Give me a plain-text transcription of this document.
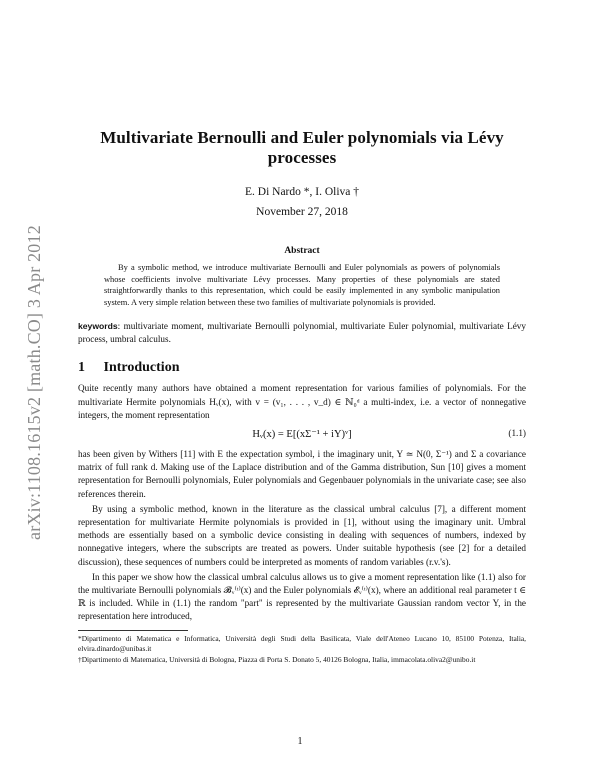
arXiv:1108.1615v2 [math.CO] 3 Apr 2012
Multivariate Bernoulli and Euler polynomials via Lévy processes
E. Di Nardo *, I. Oliva †
November 27, 2018
Abstract
By a symbolic method, we introduce multivariate Bernoulli and Euler polynomials as powers of polynomials whose coefficients involve multivariate Lévy processes. Many properties of these polynomials are stated straightforwardly thanks to this representation, which could be easily implemented in any symbolic manipulation system. A very simple relation between these two families of multivariate polynomials is provided.
keywords: multivariate moment, multivariate Bernoulli polynomial, multivariate Euler polynomial, multivariate Lévy process, umbral calculus.
1 Introduction
Quite recently many authors have obtained a moment representation for various families of polynomials. For the multivariate Hermite polynomials Hᵥ(x), with v = (v₁, . . . , v_d) ∈ ℕ₀ᵈ a multi-index, i.e. a vector of nonnegative integers, the moment representation
Hᵥ(x) = E[(xΣ⁻¹ + iY)ᵛ]	(1.1)
has been given by Withers [11] with E the expectation symbol, i the imaginary unit, Y ≃ N(0, Σ⁻¹) and Σ a covariance matrix of full rank d. Making use of the Laplace distribution and of the Gamma distribution, Sun [10] gives a moment representation for Bernoulli polynomials, Euler polynomials and Gegenbauer polynomials in the univariate case; see also references therein.
By using a symbolic method, known in the literature as the classical umbral calculus [7], a different moment representation for multivariate Hermite polynomials is provided in [1], without using the imaginary unit. Umbral methods are essentially based on a symbolic device consisting in dealing with sequences of numbers, indexed by nonnegative integers, where the subscripts are treated as powers. Under suitable hypothesis (see [2] for a detailed discussion), these sequences of numbers could be interpreted as moments of random variables (r.v.'s).
In this paper we show how the classical umbral calculus allows us to give a moment representation like (1.1) also for the multivariate Bernoulli polynomials 𝓑ᵥ⁽ᵗ⁾(x) and the Euler polynomials 𝓔ᵥ⁽ᵗ⁾(x), where an additional real parameter t ∈ ℝ is included. While in (1.1) the random "part" is represented by the multivariate Gaussian random vector Y, in the representation here introduced,
*Dipartimento di Matematica e Informatica, Università degli Studi della Basilicata, Viale dell'Ateneo Lucano 10, 85100 Potenza, Italia, elvira.dinardo@unibas.it
†Dipartimento di Matematica, Università di Bologna, Piazza di Porta S. Donato 5, 40126 Bologna, Italia, immacolata.oliva2@unibo.it
1
